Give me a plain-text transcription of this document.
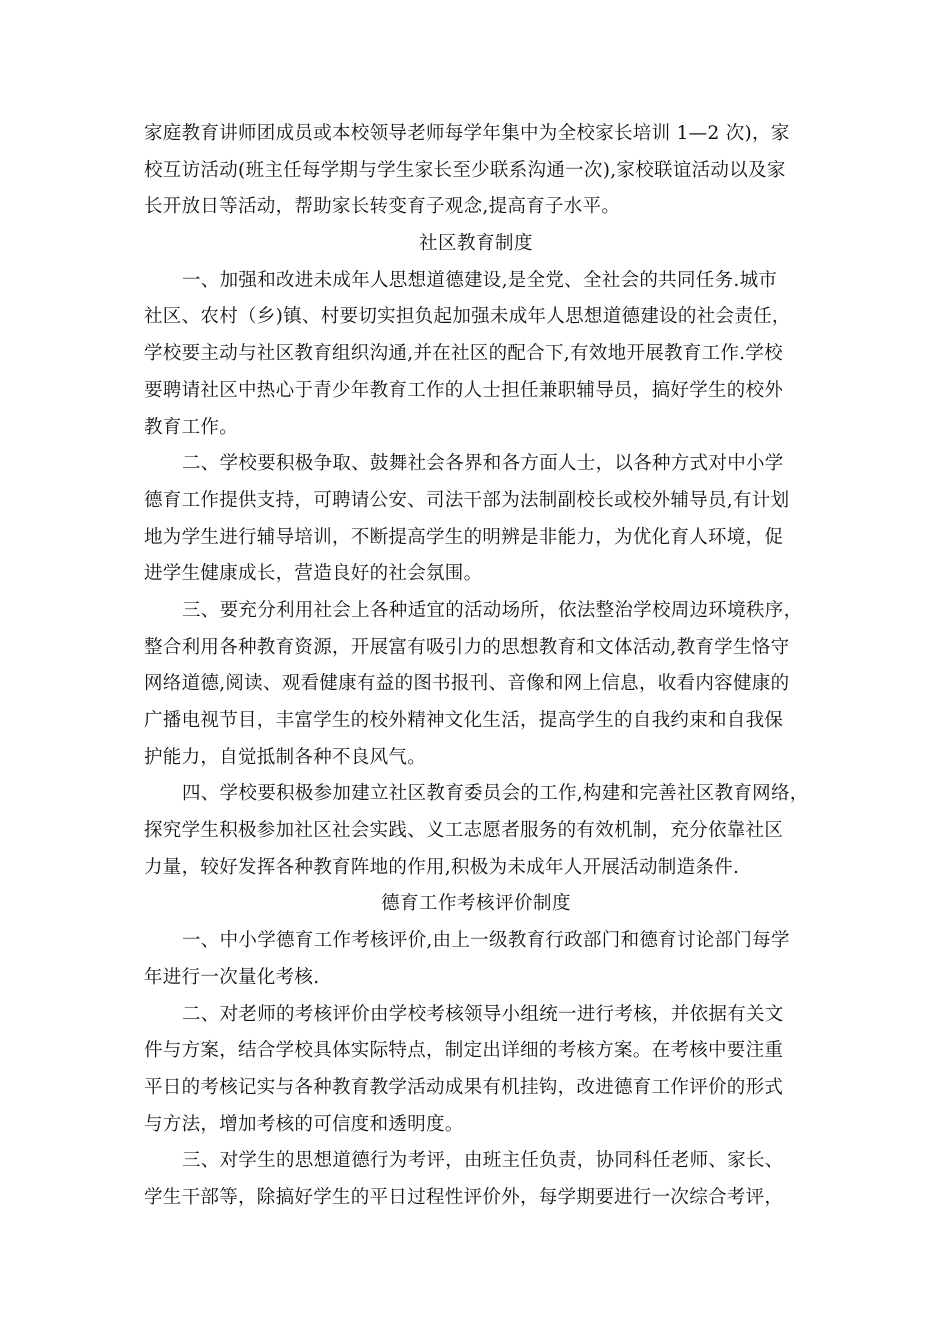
家庭教育讲师团成员或本校领导老师每学年集中为全校家长培训 1—2 次)，家
校互访活动(班主任每学期与学生家长至少联系沟通一次),家校联谊活动以及家
长开放日等活动，帮助家长转变育子观念,提高育子水平。
社区教育制度
一、加强和改进未成年人思想道德建设,是全党、全社会的共同任务.城市
社区、农村（乡)镇、村要切实担负起加强未成年人思想道德建设的社会责任，
学校要主动与社区教育组织沟通,并在社区的配合下,有效地开展教育工作.学校
要聘请社区中热心于青少年教育工作的人士担任兼职辅导员，搞好学生的校外
教育工作。
二、学校要积极争取、鼓舞社会各界和各方面人士，以各种方式对中小学
德育工作提供支持，可聘请公安、司法干部为法制副校长或校外辅导员,有计划
地为学生进行辅导培训，不断提高学生的明辨是非能力，为优化育人环境，促
进学生健康成长，营造良好的社会氛围。
三、要充分利用社会上各种适宜的活动场所，依法整治学校周边环境秩序，
整合利用各种教育资源，开展富有吸引力的思想教育和文体活动,教育学生恪守
网络道德,阅读、观看健康有益的图书报刊、音像和网上信息，收看内容健康的
广播电视节目，丰富学生的校外精神文化生活，提高学生的自我约束和自我保
护能力，自觉抵制各种不良风气。
四、学校要积极参加建立社区教育委员会的工作,构建和完善社区教育网络，
探究学生积极参加社区社会实践、义工志愿者服务的有效机制，充分依靠社区
力量，较好发挥各种教育阵地的作用,积极为未成年人开展活动制造条件.
德育工作考核评价制度
一、中小学德育工作考核评价,由上一级教育行政部门和德育讨论部门每学
年进行一次量化考核.
二、对老师的考核评价由学校考核领导小组统一进行考核，并依据有关文
件与方案，结合学校具体实际特点，制定出详细的考核方案。在考核中要注重
平日的考核记实与各种教育教学活动成果有机挂钩，改进德育工作评价的形式
与方法，增加考核的可信度和透明度。
三、对学生的思想道德行为考评，由班主任负责，协同科任老师、家长、
学生干部等，除搞好学生的平日过程性评价外，每学期要进行一次综合考评，
